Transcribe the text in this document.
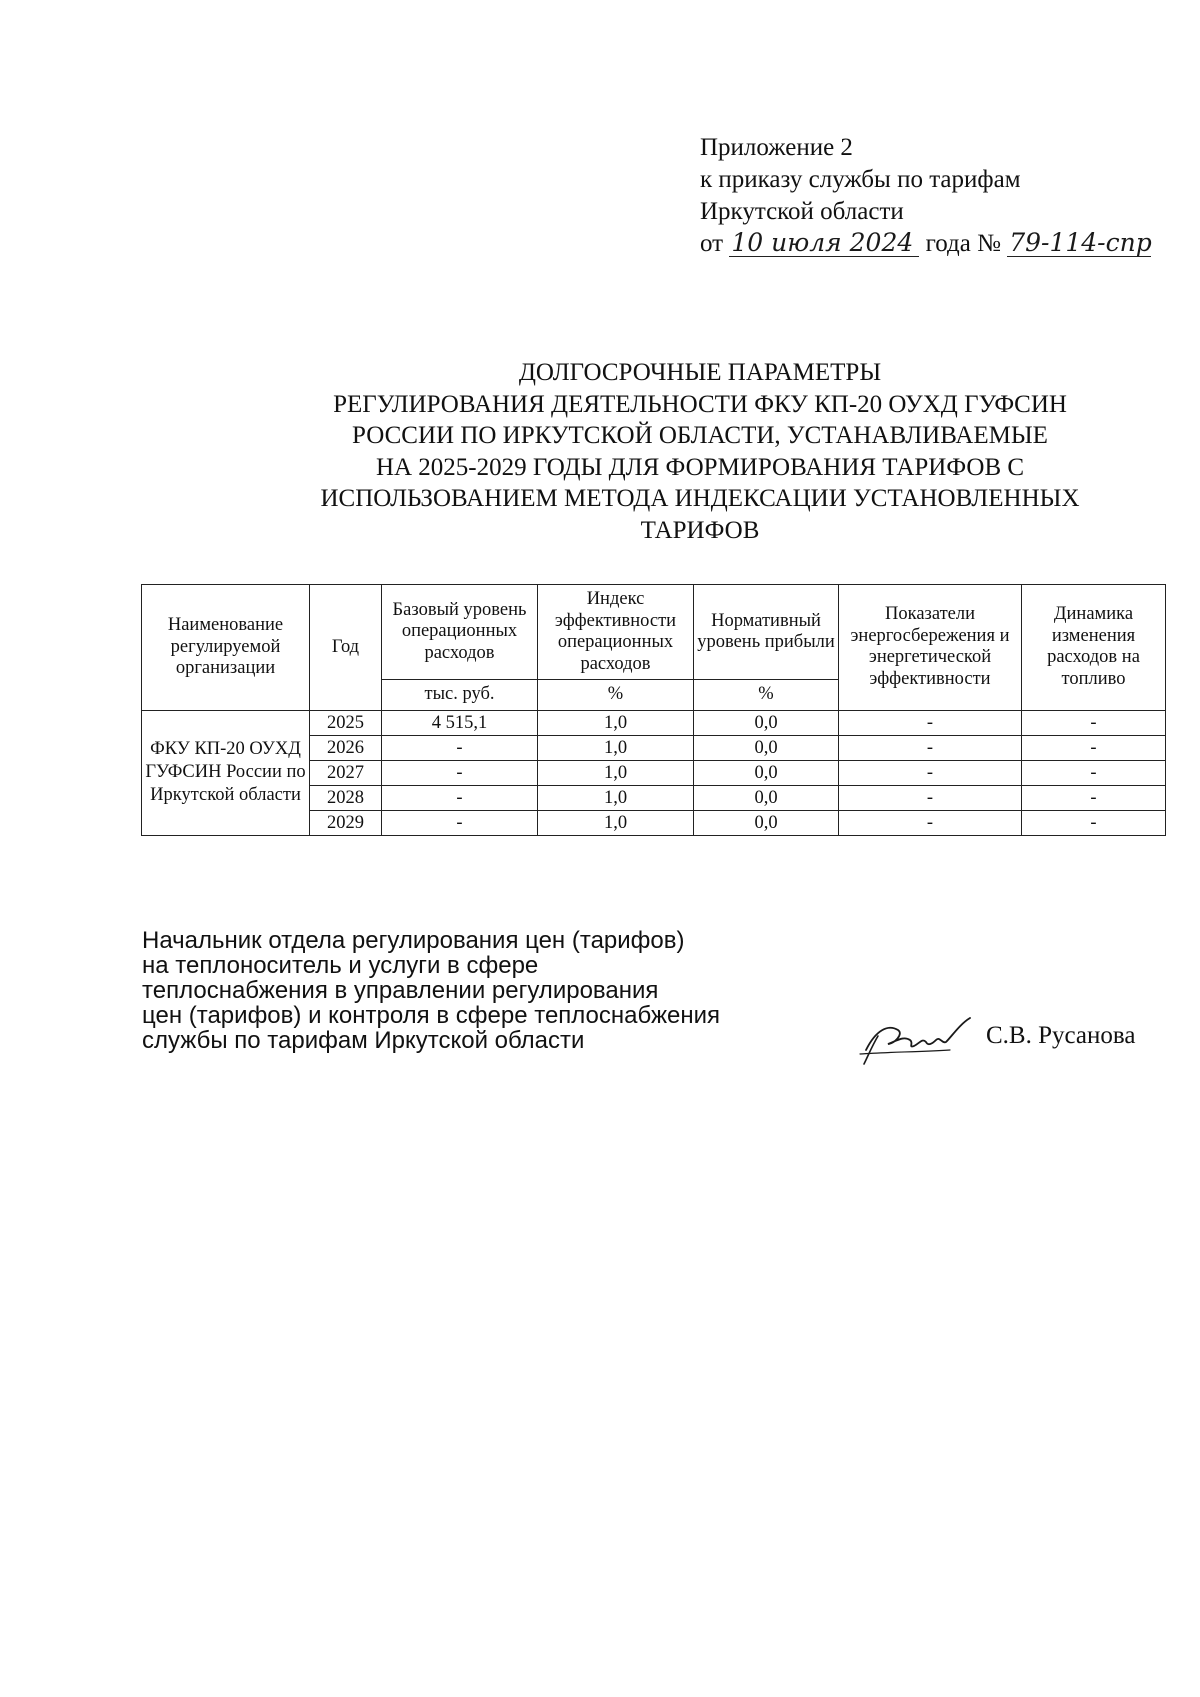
Приложение 2
к приказу службы по тарифам
Иркутской области
от 10 июля 2024 года № 79-114-спр
ДОЛГОСРОЧНЫЕ ПАРАМЕТРЫ
РЕГУЛИРОВАНИЯ ДЕЯТЕЛЬНОСТИ ФКУ КП-20 ОУХД ГУФСИН
РОССИИ ПО ИРКУТСКОЙ ОБЛАСТИ, УСТАНАВЛИВАЕМЫЕ
НА 2025-2029 ГОДЫ ДЛЯ ФОРМИРОВАНИЯ ТАРИФОВ С
ИСПОЛЬЗОВАНИЕМ МЕТОДА ИНДЕКСАЦИИ УСТАНОВЛЕННЫХ
ТАРИФОВ
Наименование регулируемой организации	Год	Базовый уровень операционных расходов	Индекс эффективности операционных расходов	Нормативный уровень прибыли	Показатели энергосбережения и энергетической эффективности	Динамика изменения расходов на топливо
		тыс. руб.	%	%		
ФКУ КП-20 ОУХД ГУФСИН России по Иркутской области	2025	4 515,1	1,0	0,0	-	-
	2026	-	1,0	0,0	-	-
	2027	-	1,0	0,0	-	-
	2028	-	1,0	0,0	-	-
	2029	-	1,0	0,0	-	-
Начальник отдела регулирования цен (тарифов)
на теплоноситель и услуги в сфере
теплоснабжения в управлении регулирования
цен (тарифов) и контроля в сфере теплоснабжения
службы по тарифам Иркутской области	С.В. Русанова
